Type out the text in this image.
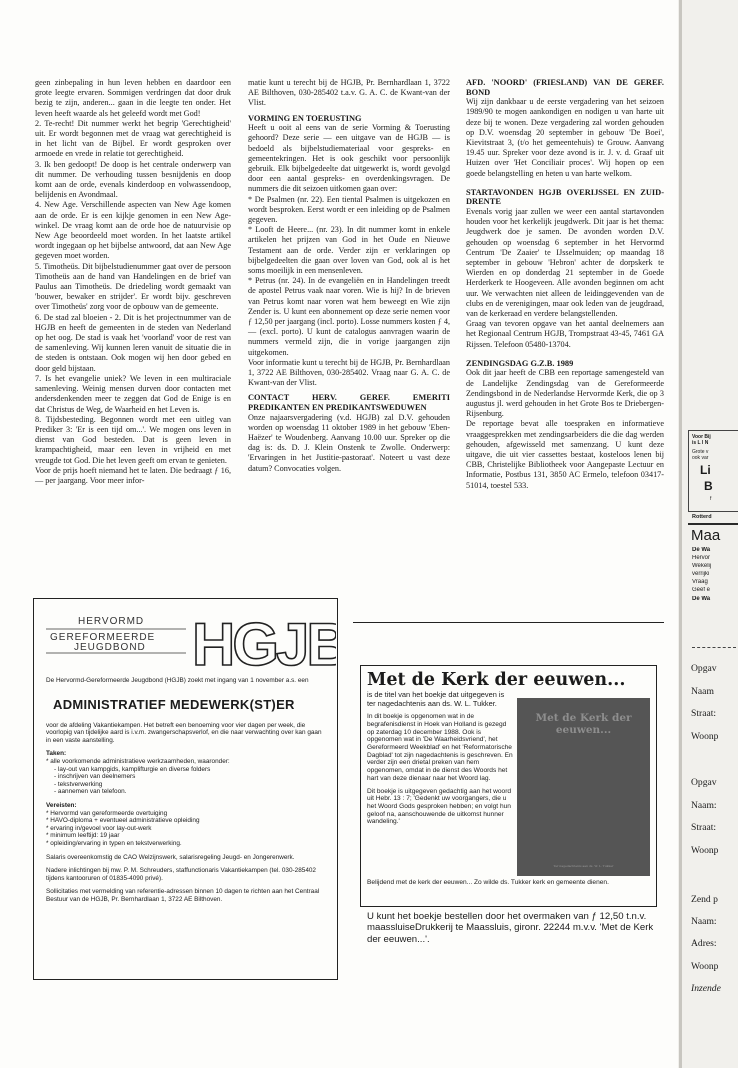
geen zinbepaling in hun leven hebben en daardoor een grote leegte ervaren. Sommigen verdringen dat door druk bezig te zijn, anderen... gaan in die leegte ten onder. Het leven heeft waarde als het geleefd wordt met God!

2. Te-recht! Dit nummer werkt het begrip 'Gerechtigheid' uit. Er wordt begonnen met de vraag wat gerechtigheid is in het licht van de Bijbel. Er wordt gesproken over armoede en vrede in relatie tot gerechtigheid.

3. Ik ben gedoopt! De doop is het centrale onderwerp van dit nummer. De verhouding tussen besnijdenis en doop komt aan de orde, evenals kinderdoop en volwassendoop, belijdenis en Avondmaal.

4. New Age. Verschillende aspecten van New Age komen aan de orde. Er is een kijkje genomen in een New Age-winkel. De vraag komt aan de orde hoe de natuurvisie op New Age beoordeeld moet worden. In het laatste artikel wordt ingegaan op het bijbelse antwoord, dat aan New Age gegeven moet worden.

5. Timotheüs. Dit bijbelstudienummer gaat over de persoon Timotheüs aan de hand van Handelingen en de brief van Paulus aan Timotheüs. De driedeling wordt gemaakt van 'bouwer, bewaker en strijder'. Er wordt bijv. geschreven over Timotheüs' zorg voor de opbouw van de gemeente.

6. De stad zal bloeien - 2. Dit is het projectnummer van de HGJB en heeft de gemeenten in de steden van Nederland op het oog. De stad is vaak het 'voorland' voor de rest van de samenleving. Wij kunnen leren vanuit de situatie die in de steden is ontstaan. Ook mogen wij hen door gebed en door geld bijstaan.

7. Is het evangelie uniek? We leven in een multiraciale samenleving. Weinig mensen durven door contacten met andersdenkenden meer te zeggen dat God de Enige is en dat Christus de Weg, de Waarheid en het Leven is.

8. Tijdsbesteding. Begonnen wordt met een uitleg van Prediker 3: 'Er is een tijd om...'. We mogen ons leven in dienst van God besteden. Dat is geen leven in krampachtigheid, maar een leven in vrijheid en met vreugde tot God. Die het leven geeft om ervan te genieten.

Voor de prijs hoeft niemand het te laten. Die bedraagt ƒ 16,— per jaargang. Voor meer infor-

matie kunt u terecht bij de HGJB, Pr. Bernhardlaan 1, 3722 AE Bilthoven, 030-285402 t.a.v. G. A. C. de Kwant-van der Vlist.

VORMING EN TOERUSTING

Heeft u ooit al eens van de serie Vorming & Toerusting gehoord? Deze serie — een uitgave van de HGJB — is bedoeld als bijbelstudiemateriaal voor gespreks- en gemeentekringen. Het is ook geschikt voor persoonlijk gebruik. Elk bijbelgedeelte dat uitgewerkt is, wordt gevolgd door een aantal gespreks- en overdenkingsvragen. De nummers die dit seizoen uitkomen gaan over:

* De Psalmen (nr. 22). Een tiental Psalmen is uitgekozen en wordt besproken. Eerst wordt er een inleiding op de Psalmen gegeven.

* Looft de Heere... (nr. 23). In dit nummer komt in enkele artikelen het prijzen van God in het Oude en Nieuwe Testament aan de orde. Verder zijn er verklaringen op bijbelgedeelten die gaan over loven van God, ook al is het soms moeilijk in een mensenleven.

* Petrus (nr. 24). In de evangeliën en in Handelingen treedt de apostel Petrus vaak naar voren. Wie is hij? In de brieven van Petrus komt naar voren wat hem beweegt en Wie zijn Zender is. U kunt een abonnement op deze serie nemen voor ƒ 12,50 per jaargang (incl. porto). Losse nummers kosten ƒ 4,— (excl. porto). U kunt de catalogus aanvragen waarin de nummers vermeld zijn, die in vorige jaargangen zijn uitgekomen.

Voor informatie kunt u terecht bij de HGJB, Pr. Bernhardlaan 1, 3722 AE Bilthoven, 030-285402. Vraag naar G. A. C. de Kwant-van der Vlist.

CONTACT HERV. GEREF. EMERITI PREDIKANTEN EN PREDIKANTSWEDUWEN

Onze najaarsvergadering (v.d. HGJB) zal D.V. gehouden worden op woensdag 11 oktober 1989 in het gebouw 'Eben-Haëzer' te Woudenberg. Aanvang 10.00 uur. Spreker op die dag is: ds. D. J. Klein Onstenk te Zwolle. Onderwerp: 'Ervaringen in het Justitie-pastoraat'. Noteert u vast deze datum? Convocaties volgen.

AFD. 'NOORD' (FRIESLAND) VAN DE GEREF. BOND

Wij zijn dankbaar u de eerste vergadering van het seizoen 1989/90 te mogen aankondigen en nodigen u van harte uit deze bij te wonen. Deze vergadering zal worden gehouden op D.V. woensdag 20 september in gebouw 'De Boei', Kievitstraat 3, (t/o het gemeentehuis) te Grouw. Aanvang 19.45 uur. Spreker voor deze avond is ir. J. v. d. Graaf uit Huizen over 'Het Conciliair proces'. Wij hopen op een goede belangstelling en heten u van harte welkom.

STARTAVONDEN HGJB OVERIJSSEL EN ZUID-DRENTE

Evenals vorig jaar zullen we weer een aantal startavonden houden voor het kerkelijk jeugdwerk. Dit jaar is het thema: Jeugdwerk doe je samen. De avonden worden D.V. gehouden op woensdag 6 september in het Hervormd Centrum 'De Zaaier' te IJsselmuiden; op maandag 18 september in gebouw 'Hebron' achter de dorpskerk te Wierden en op donderdag 21 september in de Goede Herderkerk te Hoogeveen. Alle avonden beginnen om acht uur. We verwachten niet alleen de leidinggevenden van de clubs en de verenigingen, maar ook leden van de jeugdraad, van de kerkeraad en verdere belangstellenden.

Graag van tevoren opgave van het aantal deelnemers aan het Regionaal Centrum HGJB, Trompstraat 43-45, 7461 GA Rijssen. Telefoon 05480-13704.

ZENDINGSDAG G.Z.B. 1989

Ook dit jaar heeft de CBB een reportage samengesteld van de Landelijke Zendingsdag van de Gereformeerde Zendingsbond in de Nederlandse Hervormde Kerk, die op 3 augustus jl. werd gehouden in het Grote Bos te Driebergen-Rijsenburg.

De reportage bevat alle toespraken en informatieve vraaggesprekken met zendingsarbeiders die die dag werden gehouden, afgewisseld met samenzang. U kunt deze uitgave, die uit vier cassettes bestaat, kosteloos lenen bij CBB, Christelijke Bibliotheek voor Aangepaste Lectuur en Informatie, Postbus 131, 3850 AC Ermelo, telefoon 03417-51014, toestel 533.

HERVORMD
GEREFORMEERDE
JEUGDBOND HGJB

De Hervormd-Gereformeerde Jeugdbond (HGJB) zoekt met ingang van 1 november a.s. een

ADMINISTRATIEF MEDEWERK(ST)ER

voor de afdeling Vakantiekampen. Het betreft een benoeming voor vier dagen per week, die voorlopig van tijdelijke aard is i.v.m. zwangerschapsverlof, en die naar verwachting over kan gaan in een vaste aanstelling.

Taken:

* alle voorkomende administratieve werkzaamheden, waaronder:
- lay-out van kampgids, kamplifturgie en diverse folders
- inschrijven van deelnemers
- tekstverwerking
- aannemen van telefoon.

Vereisten:

* Hervormd van gereformeerde overtuiging
* HAVO-diploma + eventueel administratieve opleiding
* ervaring in/gevoel voor lay-out-werk
* minimum leeftijd: 19 jaar
* opleiding/ervaring in typen en tekstverwerking.

Salaris overeenkomstig de CAO Welzijnswerk, salarisregeling Jeugd- en Jongerenwerk.

Nadere inlichtingen bij mw. P. M. Schreuders, staffunctionaris Vakantiekampen (tel. 030-285402 tijdens kantooruren of 01835-4090 privé).

Sollicitaties met vermelding van referentie-adressen binnen 10 dagen te richten aan het Centraal Bestuur van de HGJB, Pr. Bernhardlaan 1, 3722 AE Bilthoven.

Met de Kerk der eeuwen...

is de titel van het boekje dat uitgegeven is ter nagedachtenis aan ds. W. L. Tukker.

In dit boekje is opgenomen wat in de begrafenisdienst in Hoek van Holland is gezegd op zaterdag 10 december 1988. Ook is opgenomen wat in 'De Waarheidsvriend', het Gereformeerd Weekblad' en het 'Reformatorische Dagblad' tot zijn nagedachtenis is geschreven. En verder zijn een drietal preken van hem opgenomen, omdat in de dienst des Woords het hart van deze dienaar naar het Woord lag.

Dit boekje is uitgegeven gedachtig aan het woord uit Hebr. 13 : 7; 'Gedenkt uw voorgangers, die u het Woord Gods gesproken hebben; en volgt hun geloof na, aanschouwende de uitkomst hunner wandeling.'

Met de Kerk der eeuwen...
Ter nagedachtenis aan ds. W. L. Tukker
Belijdend met de kerk der eeuwen... Zo wilde ds. Tukker kerk en gemeente dienen.
U kunt het boekje bestellen door het overmaken van ƒ 12,50 t.n.v. maassluiseDrukkerij te Maassluis, gironr. 22244 m.v.v. 'Met de Kerk der eeuwen...'.
Voor Bij
is L I N
Grote v
ook var
Li
B
f
Rotterd
Maa
De Wa
Hervor
Wekelij
verrijki
Vraag
Geef e
De Wa
Opgav
Naam
Straat:
Woonp
Opgav
Naam:
Straat:
Woonp
Zend p
Naam:
Adres:
Woonp
Inzende
